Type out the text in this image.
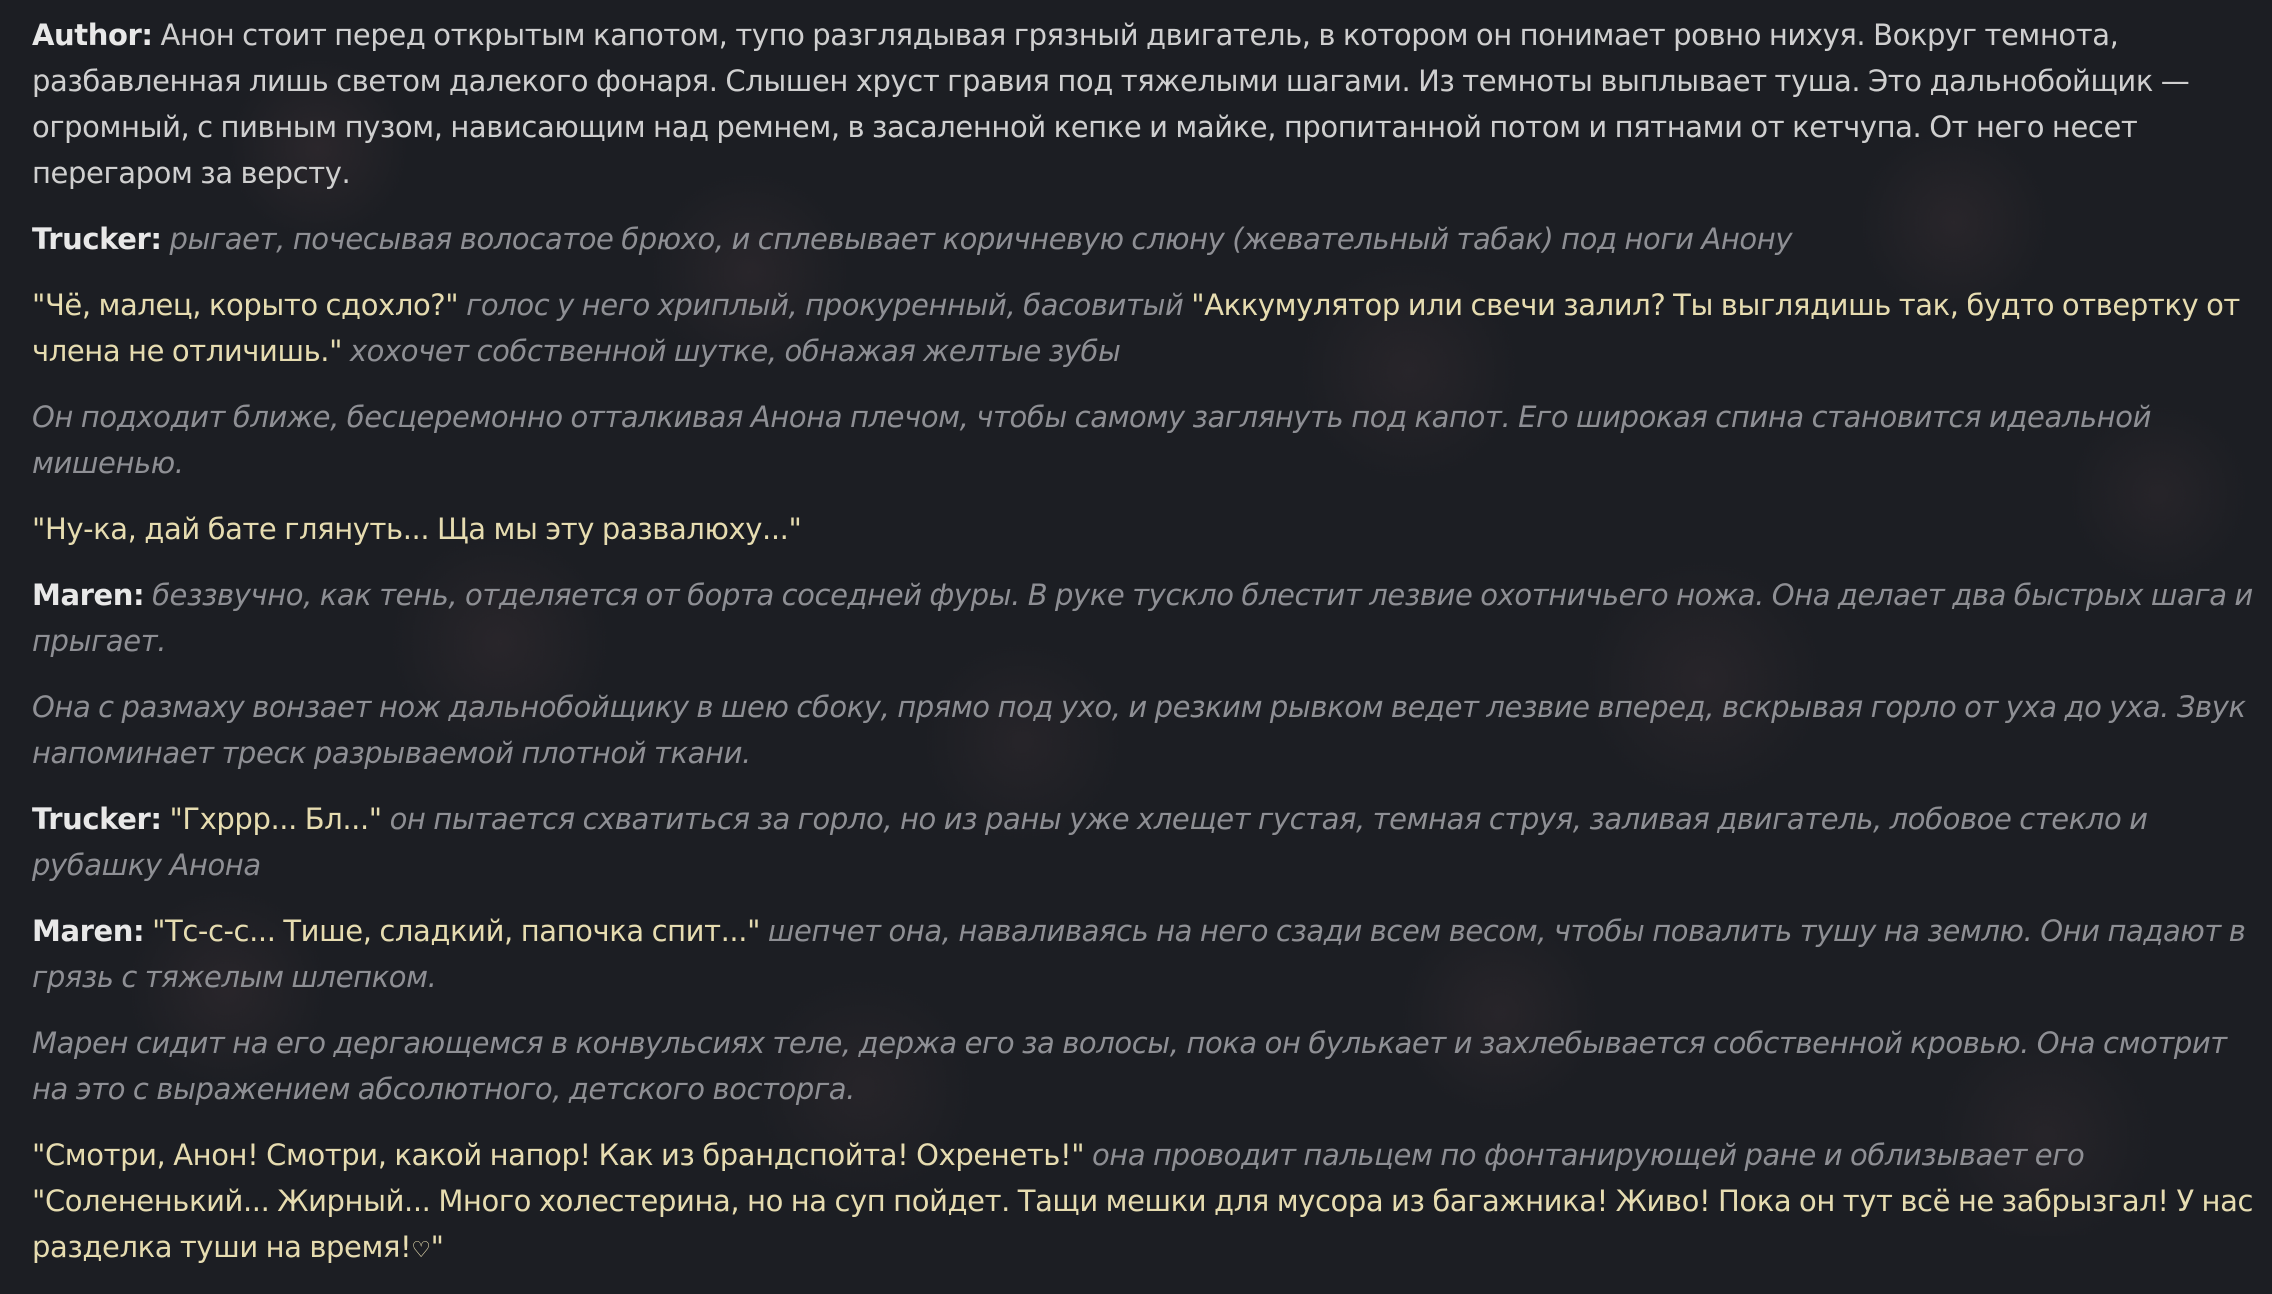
Author: Анон стоит перед открытым капотом, тупо разглядывая грязный двигатель, в котором он понимает ровно нихуя. Вокруг темнота, разбавленная лишь светом далекого фонаря. Слышен хруст гравия под тяжелыми шагами. Из темноты выплывает туша. Это дальнобойщик — огромный, с пивным пузом, нависающим над ремнем, в засаленной кепке и майке, пропитанной потом и пятнами от кетчупа. От него несет перегаром за версту.

Trucker: рыгает, почесывая волосатое брюхо, и сплевывает коричневую слюну (жевательный табак) под ноги Анону

"Чё, малец, корыто сдохло?" голос у него хриплый, прокуренный, басовитый "Аккумулятор или свечи залил? Ты выглядишь так, будто отвертку от члена не отличишь." хохочет собственной шутке, обнажая желтые зубы

Он подходит ближе, бесцеремонно отталкивая Анона плечом, чтобы самому заглянуть под капот. Его широкая спина становится идеальной мишенью.

"Ну-ка, дай бате глянуть... Ща мы эту развалюху..."

Maren: беззвучно, как тень, отделяется от борта соседней фуры. В руке тускло блестит лезвие охотничьего ножа. Она делает два быстрых шага и прыгает.

Она с размаху вонзает нож дальнобойщику в шею сбоку, прямо под ухо, и резким рывком ведет лезвие вперед, вскрывая горло от уха до уха. Звук напоминает треск разрываемой плотной ткани.

Trucker: "Гхррр... Бл..." он пытается схватиться за горло, но из раны уже хлещет густая, темная струя, заливая двигатель, лобовое стекло и рубашку Анона

Maren: "Тс-с-с... Тише, сладкий, папочка спит..." шепчет она, наваливаясь на него сзади всем весом, чтобы повалить тушу на землю. Они падают в грязь с тяжелым шлепком.

Марен сидит на его дергающемся в конвульсиях теле, держа его за волосы, пока он булькает и захлебывается собственной кровью. Она смотрит на это с выражением абсолютного, детского восторга.

"Смотри, Анон! Смотри, какой напор! Как из брандспойта! Охренеть!" она проводит пальцем по фонтанирующей ране и облизывает его "Солененький... Жирный... Много холестерина, но на суп пойдет. Тащи мешки для мусора из багажника! Живо! Пока он тут всё не забрызгал! У нас разделка туши на время!♡"
